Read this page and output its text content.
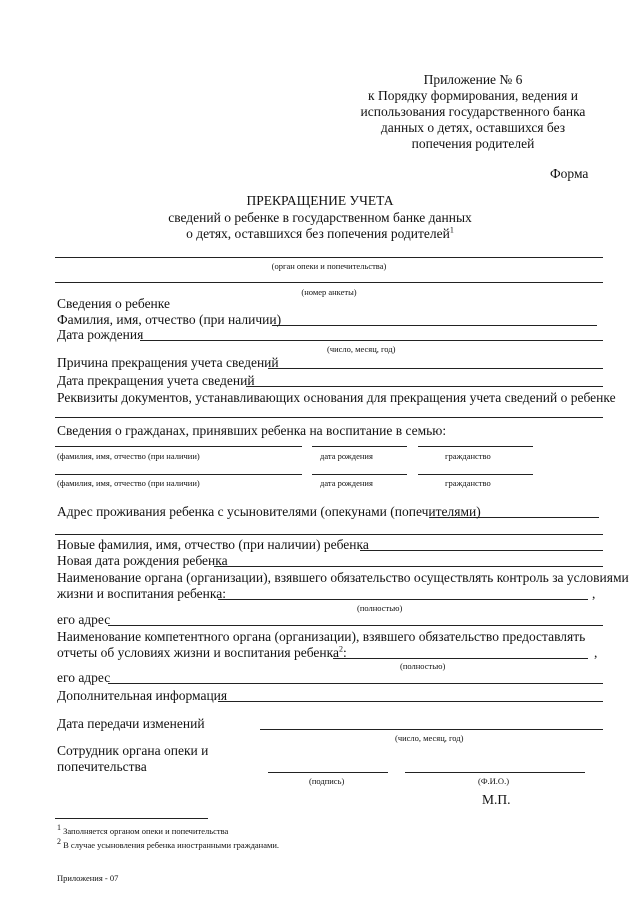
Приложение № 6
к Порядку формирования, ведения и
использования государственного банка
данных о детях, оставшихся без
попечения родителей
Форма
ПРЕКРАЩЕНИЕ УЧЕТА
сведений о ребенке в государственном банке данных
о детях, оставшихся без попечения родителей$^1$
(орган опеки и попечительства)
(номер анкеты)
Сведения о ребенке
Фамилия, имя, отчество (при наличии)
Дата рождения
(число, месяц, год)
Причина прекращения учета сведений
Дата прекращения учета сведений
Реквизиты документов, устанавливающих основания для прекращения учета сведений о ребенке
Сведения о гражданах, принявших ребенка на воспитание в семью:
(фамилия, имя, отчество (при наличии)	дата рождения	гражданство
(фамилия, имя, отчество (при наличии)	дата рождения	гражданство
Адрес проживания ребенка с усыновителями (опекунами (попечителями)
Новые фамилия, имя, отчество (при наличии) ребенка
Новая дата рождения ребенка
Наименование органа (организации), взявшего обязательство осуществлять контроль за условиями
жизни и воспитания ребенка:	,
(полностью)
его адрес
Наименование компетентного органа (организации), взявшего обязательство предоставлять
отчеты об условиях жизни и воспитания ребенка$^2$:	,
(полностью)
его адрес
Дополнительная информация
Дата передачи изменений
(число, месяц, год)
Сотрудник органа опеки и
попечительства
(подпись)	(Ф.И.О.)
М.П.
$^1$ Заполняется органом опеки и попечительства
$^2$ В случае усыновления ребенка иностранными гражданами.
Приложения - 07
